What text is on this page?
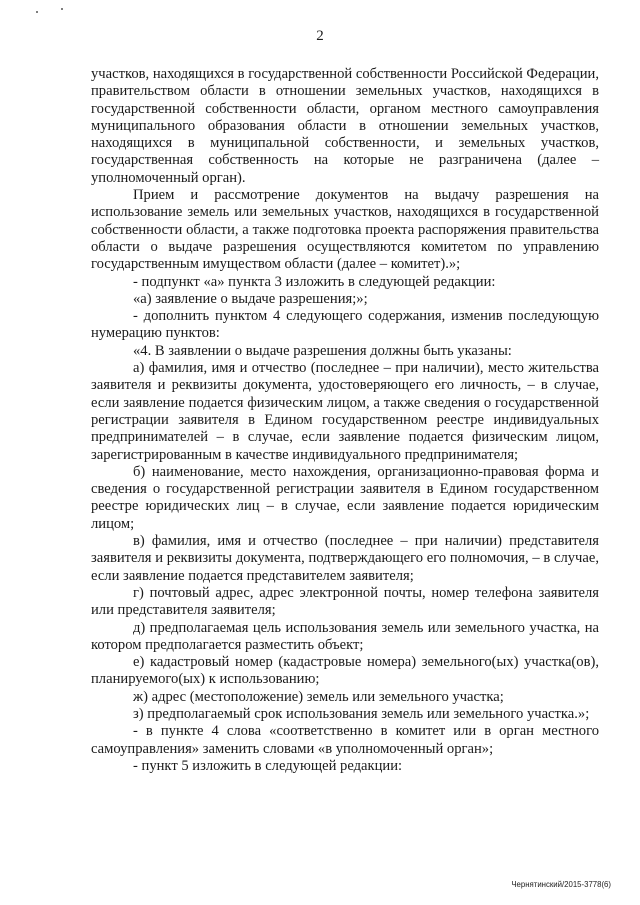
2

участков, находящихся в государственной собственности Российской Федерации, правительством области в отношении земельных участков, находящихся в государственной собственности области, органом местного самоуправления муниципального образования области в отношении земельных участков, находящихся в муниципальной собственности, и земельных участков, государственная собственность на которые не разграничена (далее – уполномоченный орган).

Прием и рассмотрение документов на выдачу разрешения на использование земель или земельных участков, находящихся в государственной собственности области, а также подготовка проекта распоряжения правительства области о выдаче разрешения осуществляются комитетом по управлению государственным имуществом области (далее – комитет).»;

- подпункт «а» пункта 3 изложить в следующей редакции:

«а) заявление о выдаче разрешения;»;

- дополнить пунктом 4 следующего содержания, изменив последующую нумерацию пунктов:

«4. В заявлении о выдаче разрешения должны быть указаны:

а) фамилия, имя и отчество (последнее – при наличии), место жительства заявителя и реквизиты документа, удостоверяющего его личность, – в случае, если заявление подается физическим лицом, а также сведения о государственной регистрации заявителя в Едином государственном реестре индивидуальных предпринимателей – в случае, если заявление подается физическим лицом, зарегистрированным в качестве индивидуального предпринимателя;

б) наименование, место нахождения, организационно-правовая форма и сведения о государственной регистрации заявителя в Едином государственном реестре юридических лиц – в случае, если заявление подается юридическим лицом;

в) фамилия, имя и отчество (последнее – при наличии) представителя заявителя и реквизиты документа, подтверждающего его полномочия, – в случае, если заявление подается представителем заявителя;

г) почтовый адрес, адрес электронной почты, номер телефона заявителя или представителя заявителя;

д) предполагаемая цель использования земель или земельного участка, на котором предполагается разместить объект;

е) кадастровый номер (кадастровые номера) земельного(ых) участка(ов), планируемого(ых) к использованию;

ж) адрес (местоположение) земель или земельного участка;

з) предполагаемый срок использования земель или земельного участка.»;

- в пункте 4 слова «соответственно в комитет или в орган местного самоуправления» заменить словами «в уполномоченный орган»;

- пункт 5 изложить в следующей редакции:

Чернятинский/2015-3778(6)
